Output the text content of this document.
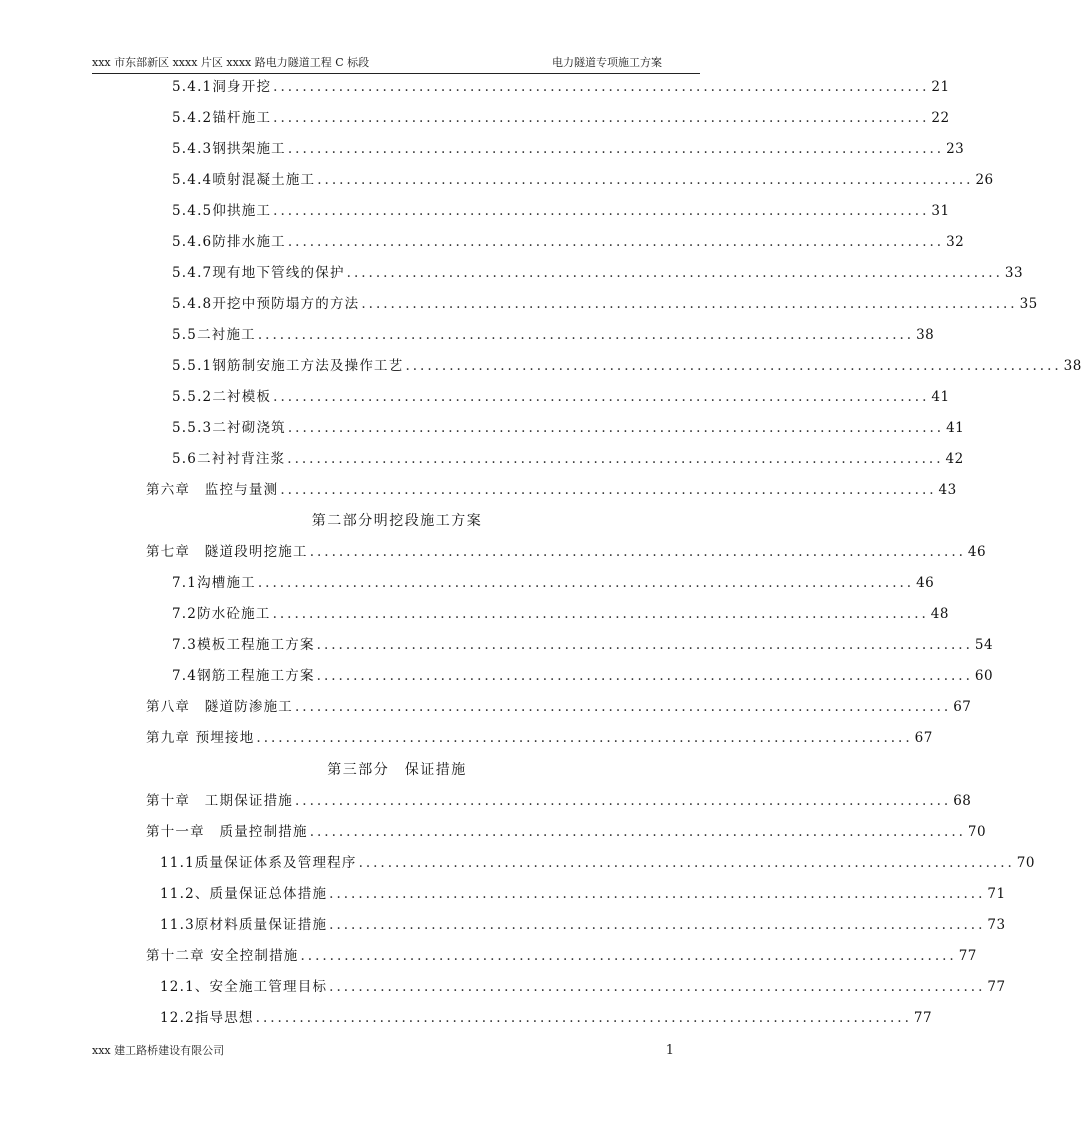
xxx 市东部新区 xxxx 片区 xxxx 路电力隧道工程 C 标段	电力隧道专项施工方案
5.4.1洞身开挖 .......................................................................................... 21
5.4.2锚杆施工 .......................................................................................... 22
5.4.3钢拱架施工 .......................................................................................... 23
5.4.4喷射混凝土施工 .......................................................................................... 26
5.4.5仰拱施工 .......................................................................................... 31
5.4.6防排水施工 .......................................................................................... 32
5.4.7现有地下管线的保护 .......................................................................................... 33
5.4.8开挖中预防塌方的方法 .......................................................................................... 35
5.5二衬施工 .......................................................................................... 38
5.5.1钢筋制安施工方法及操作工艺 .......................................................................................... 38
5.5.2二衬模板 .......................................................................................... 41
5.5.3二衬砌浇筑 .......................................................................................... 41
5.6二衬衬背注浆 .......................................................................................... 42
第六章　监控与量测 .......................................................................................... 43
第二部分明挖段施工方案
第七章　隧道段明挖施工 .......................................................................................... 46
7.1沟槽施工 .......................................................................................... 46
7.2防水砼施工 .......................................................................................... 48
7.3模板工程施工方案 .......................................................................................... 54
7.4钢筋工程施工方案 .......................................................................................... 60
第八章　隧道防渗施工 .......................................................................................... 67
第九章 预埋接地 .......................................................................................... 67
第三部分　保证措施
第十章　工期保证措施 .......................................................................................... 68
第十一章　质量控制措施 .......................................................................................... 70
11.1质量保证体系及管理程序 .......................................................................................... 70
11.2、质量保证总体措施 .......................................................................................... 71
11.3原材料质量保证措施 .......................................................................................... 73
第十二章 安全控制措施 .......................................................................................... 77
12.1、安全施工管理目标 .......................................................................................... 77
12.2指导思想 .......................................................................................... 77
xxx 建工路桥建设有限公司	1
